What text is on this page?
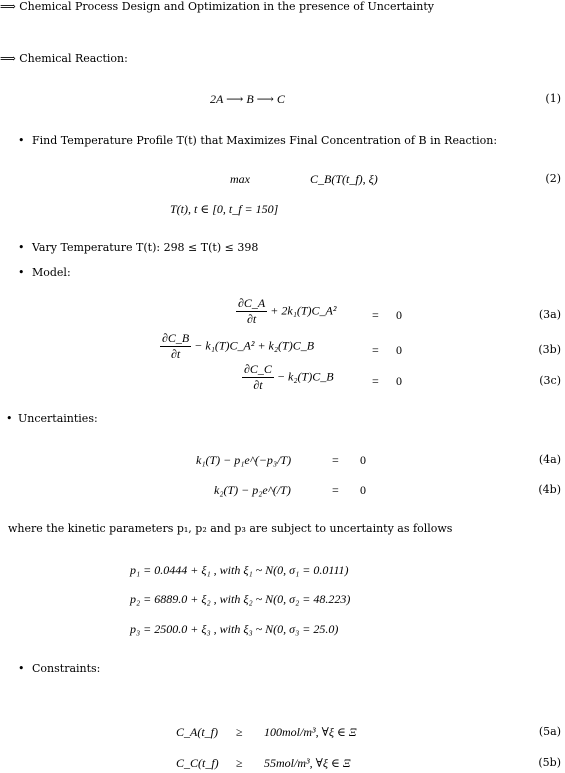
⟹ Chemical Process Design and Optimization in the presence of Uncertainty
⟹ Chemical Reaction:
2A ⟶ B ⟶ C	(1)
• Find Temperature Profile T(t) that Maximizes Final Concentration of B in Reaction:
max	C_B(T(t_f), ξ)	(2)
T(t), t ∈ [0, t_f = 150]
• Vary Temperature T(t): 298 ≤ T(t) ≤ 398
• Model:
$\frac{\partial C\_A}{\partial t}$ + 2k₁(T)C_A²	= 0	(3a)
$\frac{\partial C\_B}{\partial t}$ − k₁(T)C_A² + k₂(T)C_B	= 0	(3b)
$\frac{\partial C\_C}{\partial t}$ − k₂(T)C_B	= 0	(3c)
• Uncertainties:
k₁(T) − p₁e^(−p₃/T)	= 0	(4a)
k₂(T) − p₂e^(/T)	= 0	(4b)
where the kinetic parameters p₁, p₂ and p₃ are subject to uncertainty as follows
p₁ = 0.0444 + ξ₁ , with ξ₁ ~ N(0, σ₁ = 0.0111)
p₂ = 6889.0 + ξ₂ , with ξ₂ ~ N(0, σ₂ = 48.223)
p₃ = 2500.0 + ξ₃ , with ξ₃ ~ N(0, σ₃ = 25.0)
• Constraints:
C_A(t_f) ≥ 100mol/m³, ∀ξ ∈ Ξ	(5a)
C_C(t_f) ≥ 55mol/m³, ∀ξ ∈ Ξ	(5b)
